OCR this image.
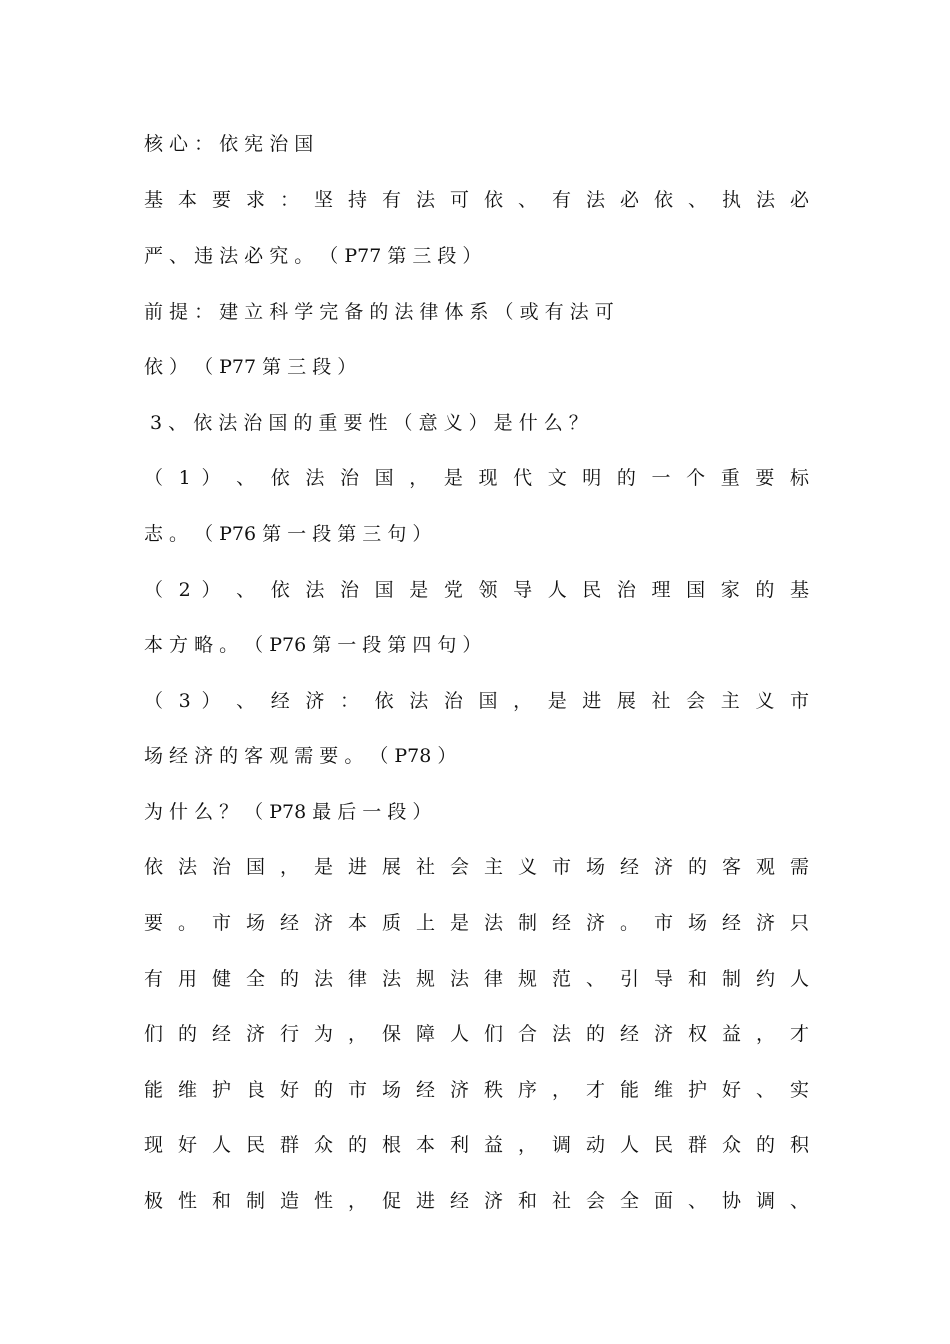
核 心 ： 依 宪 治 国
基 本 要 求 ： 坚 持 有 法 可 依 、 有 法 必 依 、 执 法 必
严 、 违 法 必 究 。 （ P77 第 三 段 ）
前 提 ： 建 立 科 学 完 备 的 法 律 体 系 （ 或 有 法 可
依 ） （ P77 第 三 段 ）
3 、 依 法 治 国 的 重 要 性 （ 意 义 ） 是 什 么 ？
（ 1 ） 、 依 法 治 国 ， 是 现 代 文 明 的 一 个 重 要 标
志 。 （ P76 第 一 段 第 三 句 ）
（ 2 ） 、 依 法 治 国 是 党 领 导 人 民 治 理 国 家 的 基
本 方 略 。 （ P76 第 一 段 第 四 句 ）
（ 3 ） 、 经 济 ： 依 法 治 国 ， 是 进 展 社 会 主 义 市
场 经 济 的 客 观 需 要 。 （ P78 ）
为 什 么 ？ （ P78 最 后 一 段 ）
依 法 治 国 ， 是 进 展 社 会 主 义 市 场 经 济 的 客 观 需
要 。 市 场 经 济 本 质 上 是 法 制 经 济 。 市 场 经 济 只
有 用 健 全 的 法 律 法 规 法 律 规 范 、 引 导 和 制 约 人
们 的 经 济 行 为 ， 保 障 人 们 合 法 的 经 济 权 益 ， 才
能 维 护 良 好 的 市 场 经 济 秩 序 ， 才 能 维 护 好 、 实
现 好 人 民 群 众 的 根 本 利 益 ， 调 动 人 民 群 众 的 积
极 性 和 制 造 性 ， 促 进 经 济 和 社 会 全 面 、 协 调 、
